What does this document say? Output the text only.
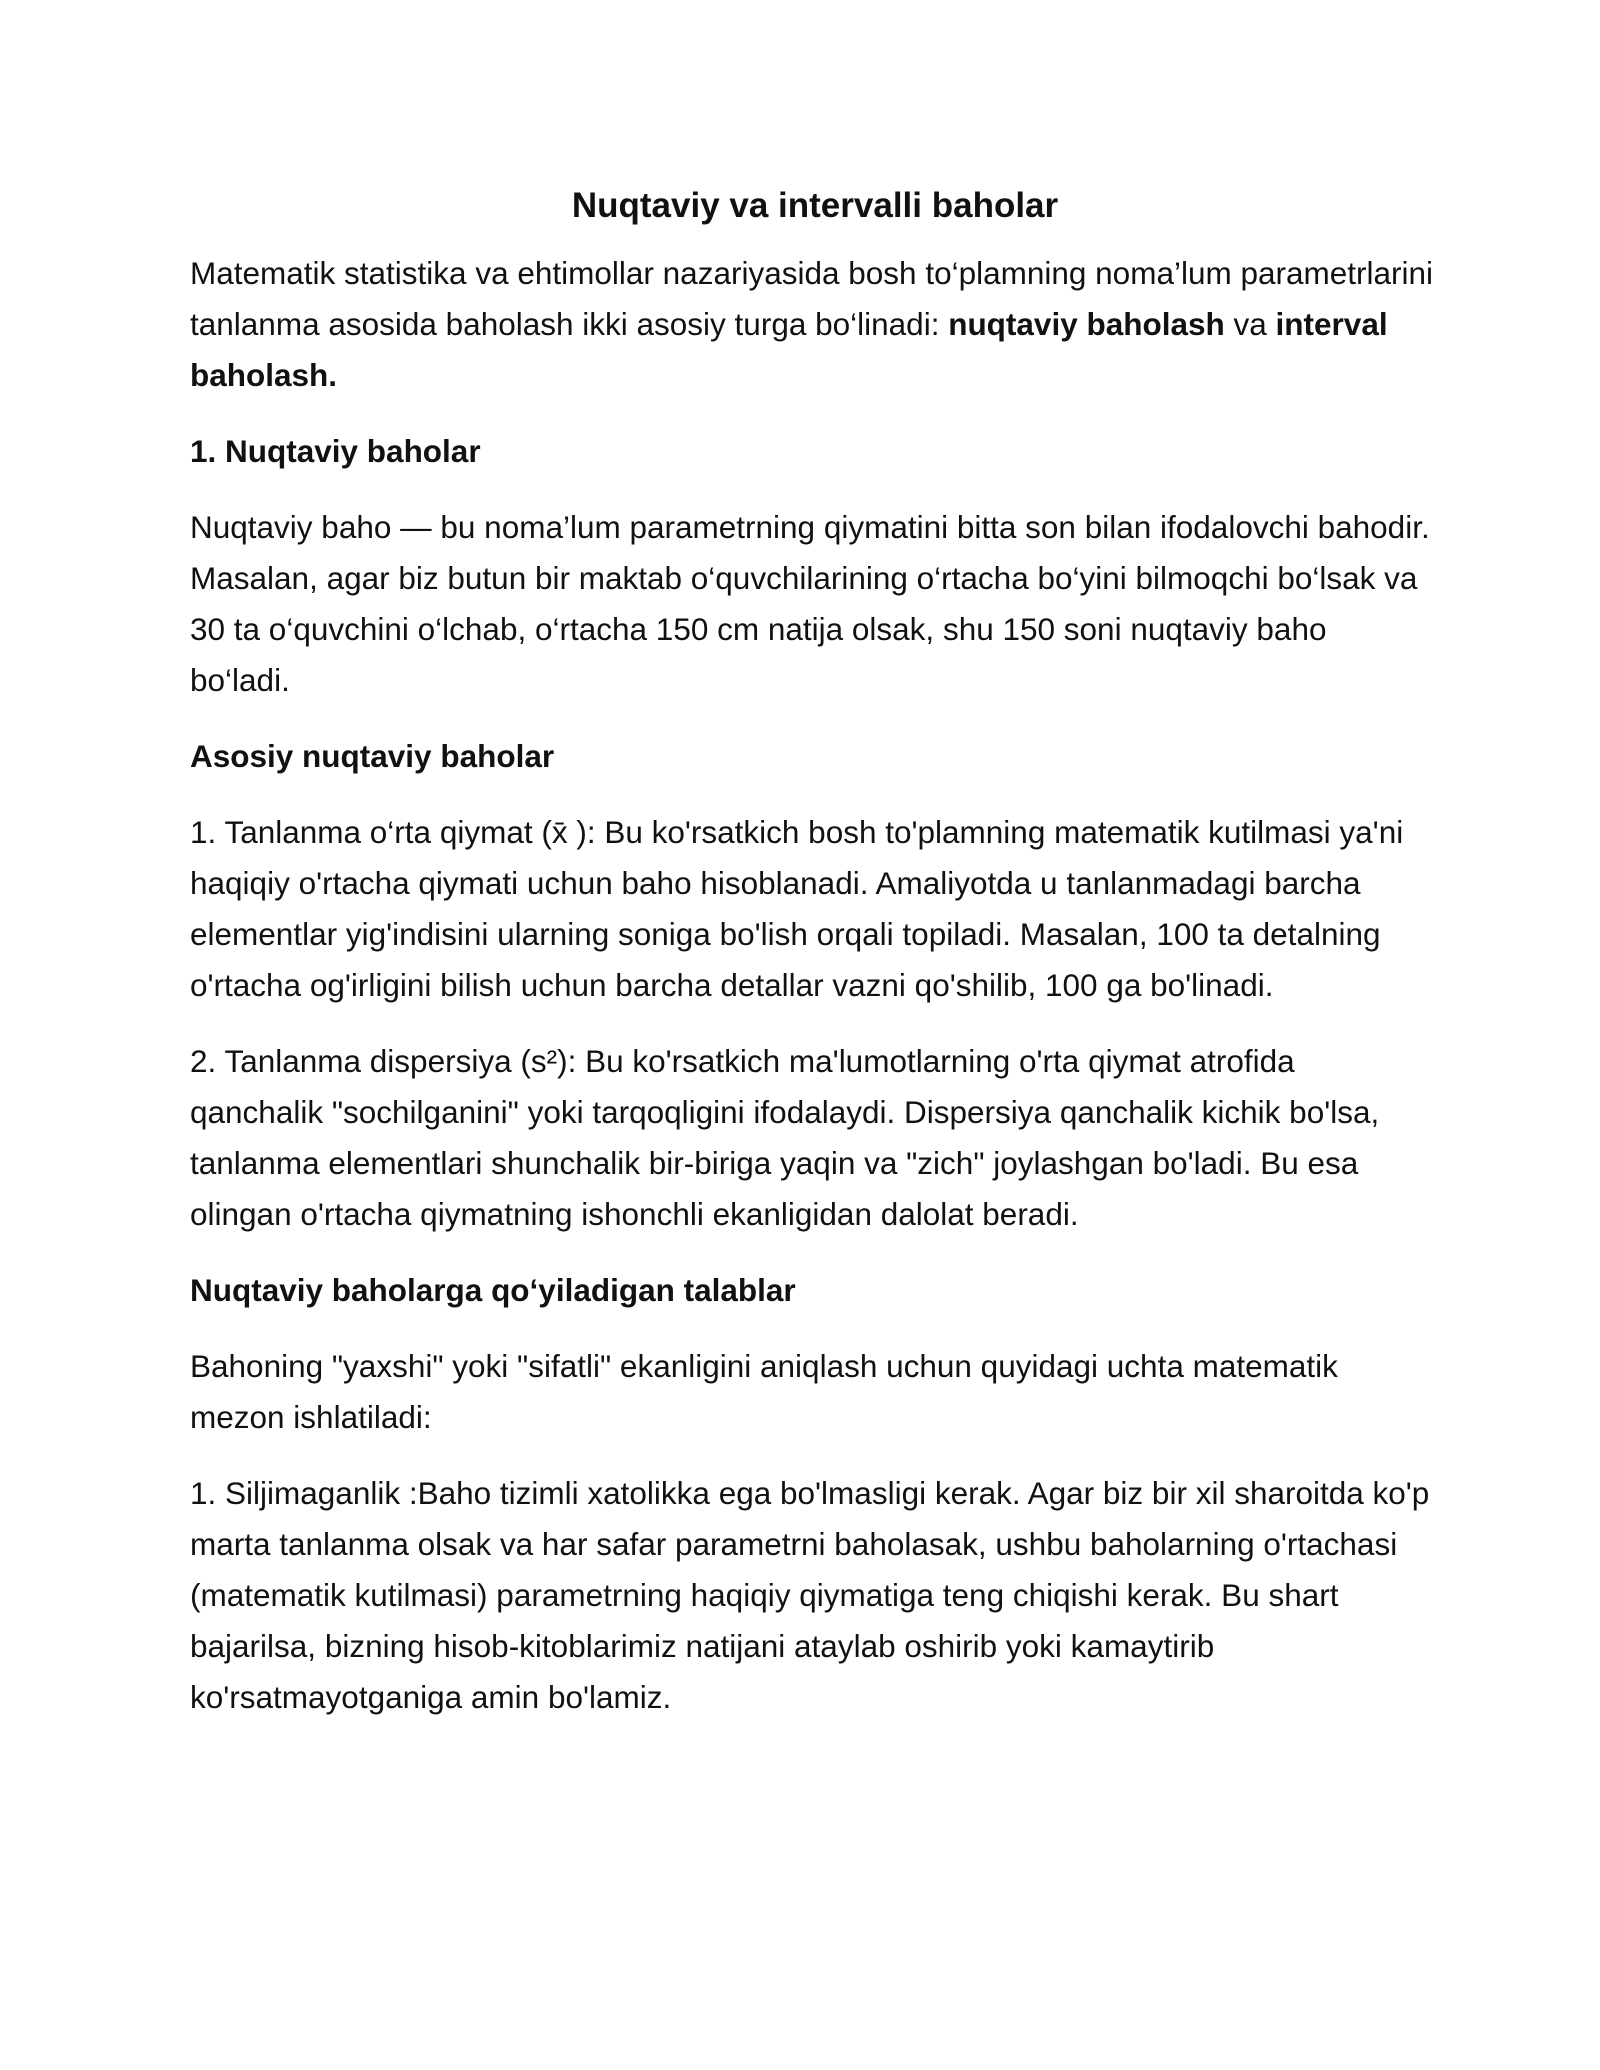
Nuqtaviy va intervalli baholar

Matematik statistika va ehtimollar nazariyasida bosh to‘plamning noma’lum parametrlarini tanlanma asosida baholash ikki asosiy turga bo‘linadi: nuqtaviy baholash va interval baholash.

1. Nuqtaviy baholar

Nuqtaviy baho — bu noma’lum parametrning qiymatini bitta son bilan ifodalovchi bahodir. Masalan, agar biz butun bir maktab o‘quvchilarining o‘rtacha bo‘yini bilmoqchi bo‘lsak va 30 ta o‘quvchini o‘lchab, o‘rtacha 150 cm natija olsak, shu 150 soni nuqtaviy baho bo‘ladi.

Asosiy nuqtaviy baholar

1. Tanlanma o‘rta qiymat (x̄ ): Bu ko'rsatkich bosh to'plamning matematik kutilmasi ya'ni haqiqiy o'rtacha qiymati uchun baho hisoblanadi. Amaliyotda u tanlanmadagi barcha elementlar yig'indisini ularning soniga bo'lish orqali topiladi. Masalan, 100 ta detalning o'rtacha og'irligini bilish uchun barcha detallar vazni qo'shilib, 100 ga bo'linadi.

2. Tanlanma dispersiya (s²): Bu ko'rsatkich ma'lumotlarning o'rta qiymat atrofida qanchalik "sochilganini" yoki tarqoqligini ifodalaydi. Dispersiya qanchalik kichik bo'lsa, tanlanma elementlari shunchalik bir-biriga yaqin va "zich" joylashgan bo'ladi. Bu esa olingan o'rtacha qiymatning ishonchli ekanligidan dalolat beradi.

Nuqtaviy baholarga qo‘yiladigan talablar

Bahoning "yaxshi" yoki "sifatli" ekanligini aniqlash uchun quyidagi uchta matematik mezon ishlatiladi:

1. Siljimaganlik :Baho tizimli xatolikka ega bo'lmasligi kerak. Agar biz bir xil sharoitda ko'p marta tanlanma olsak va har safar parametrni baholasak, ushbu baholarning o'rtachasi (matematik kutilmasi) parametrning haqiqiy qiymatiga teng chiqishi kerak. Bu shart bajarilsa, bizning hisob-kitoblarimiz natijani ataylab oshirib yoki kamaytirib ko'rsatmayotganiga amin bo'lamiz.
